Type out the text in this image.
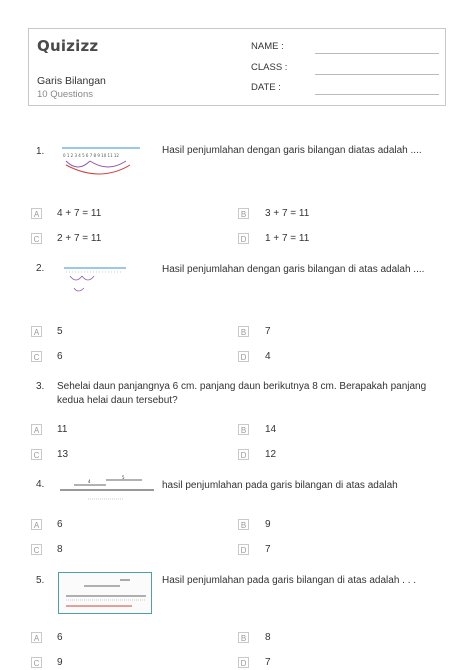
Quizizz
Garis Bilangan
10 Questions
NAME :
CLASS :
DATE :
1.	0 1 2 3 4 5 6 7 8 9 10 11 12	Hasil penjumlahan dengan garis bilangan diatas adalah ....
A 4 + 7 = 11	B 3 + 7 = 11
C 2 + 7 = 11	D 1 + 7 = 11
2.	Hasil penjumlahan dengan garis bilangan di atas adalah ....
A 5	B 7
C 6	D 4
3. Sehelai daun panjangnya 6 cm. panjang daun berikutnya 8 cm. Berapakah panjang
kedua helai daun tersebut?
A 11	B 14
C 13	D 12
4.	4
5
hasil penjumlahan pada garis bilangan di atas adalah
A 6	B 9
C 8	D 7
5.	Hasil penjumlahan pada garis bilangan di atas adalah . . .
A 6	B 8
C 9	D 7
